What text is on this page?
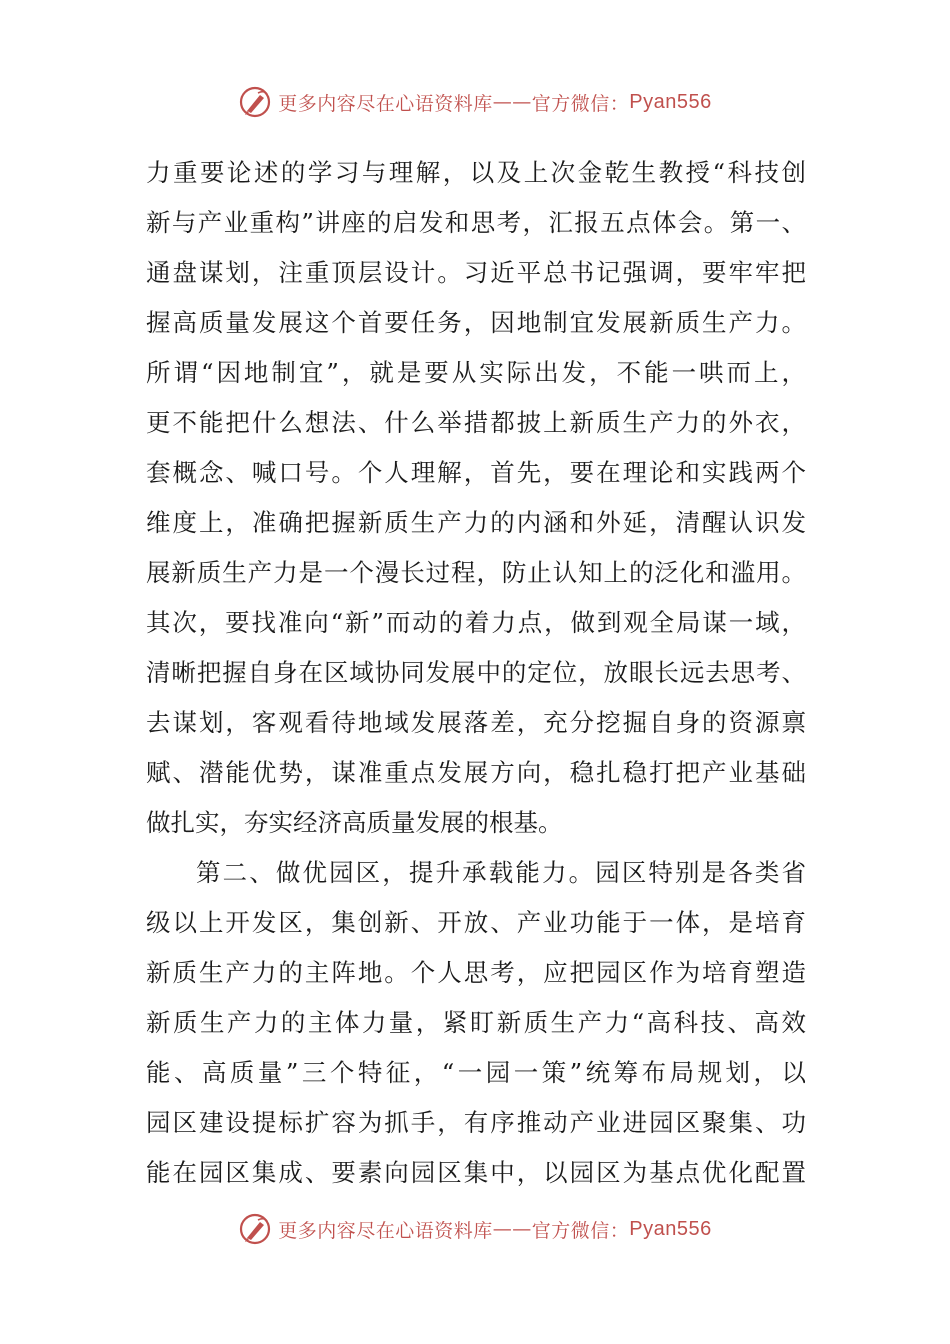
更多内容尽在心语资料库 —— 官方微信： Pyan556
力重要论述的学习与理解，以及上次金乾生教授“科技创
新与产业重构”讲座的启发和思考，汇报五点体会。第一、
通盘谋划，注重顶层设计。习近平总书记强调，要牢牢把
握高质量发展这个首要任务，因地制宜发展新质生产力。
所谓“因地制宜”，就是要从实际出发，不能一哄而上，
更不能把什么想法、什么举措都披上新质生产力的外衣，
套概念、喊口号。个人理解，首先，要在理论和实践两个
维度上，准确把握新质生产力的内涵和外延，清醒认识发
展新质生产力是一个漫长过程，防止认知上的泛化和滥用。
其次，要找准向“新”而动的着力点，做到观全局谋一域，
清晰把握自身在区域协同发展中的定位，放眼长远去思考、
去谋划，客观看待地域发展落差，充分挖掘自身的资源禀
赋、潜能优势，谋准重点发展方向，稳扎稳打把产业基础
做扎实，夯实经济高质量发展的根基。
第二、做优园区，提升承载能力。园区特别是各类省
级以上开发区，集创新、开放、产业功能于一体，是培育
新质生产力的主阵地。个人思考，应把园区作为培育塑造
新质生产力的主体力量，紧盯新质生产力“高科技、高效
能、高质量”三个特征，“一园一策”统筹布局规划，以
园区建设提标扩容为抓手，有序推动产业进园区聚集、功
能在园区集成、要素向园区集中，以园区为基点优化配置
更多内容尽在心语资料库 —— 官方微信： Pyan556
